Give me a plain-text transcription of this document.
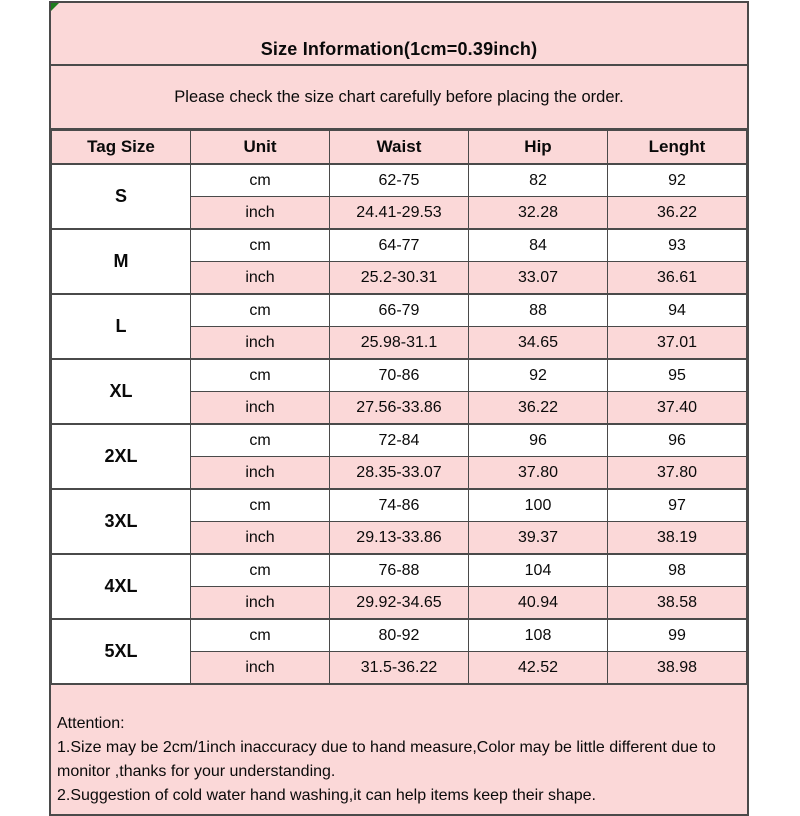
Size Information(1cm=0.39inch)
Please check the size chart carefully before placing the order.
Tag Size	Unit	Waist	Hip	Lenght
S	cm	62-75	82	92
	inch	24.41-29.53	32.28	36.22
M	cm	64-77	84	93
	inch	25.2-30.31	33.07	36.61
L	cm	66-79	88	94
	inch	25.98-31.1	34.65	37.01
XL	cm	70-86	92	95
	inch	27.56-33.86	36.22	37.40
2XL	cm	72-84	96	96
	inch	28.35-33.07	37.80	37.80
3XL	cm	74-86	100	97
	inch	29.13-33.86	39.37	38.19
4XL	cm	76-88	104	98
	inch	29.92-34.65	40.94	38.58
5XL	cm	80-92	108	99
	inch	31.5-36.22	42.52	38.98
Attention:
1.Size may be 2cm/1inch inaccuracy due to hand measure,Color may be little different due to monitor ,thanks for your understanding.
2.Suggestion of cold water hand washing,it can help items keep their shape.
